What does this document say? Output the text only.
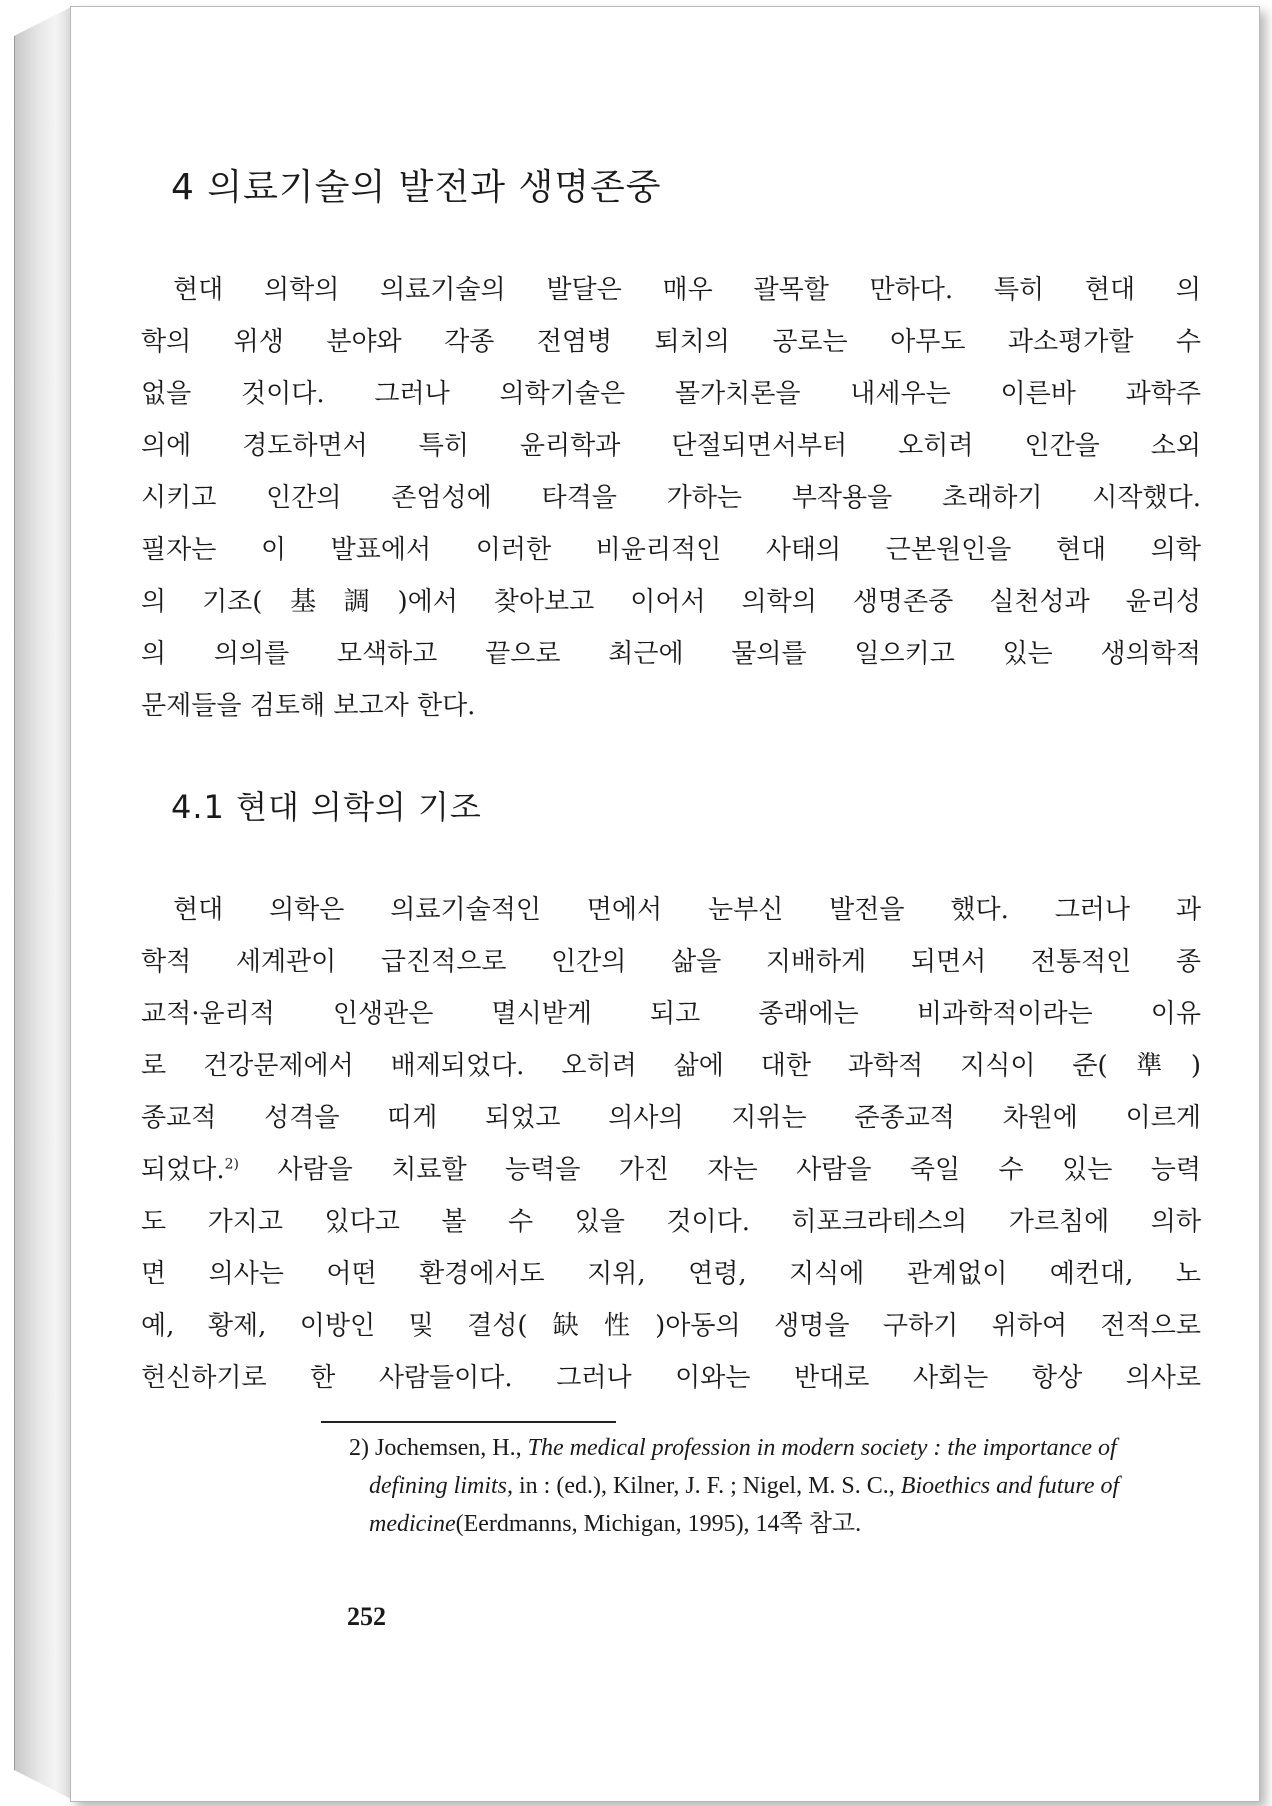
4 의료기술의 발전과 생명존중
현대 의학의 의료기술의 발달은 매우 괄목할 만하다. 특히 현대 의
학의 위생 분야와 각종 전염병 퇴치의 공로는 아무도 과소평가할 수
없을 것이다. 그러나 의학기술은 몰가치론을 내세우는 이른바 과학주
의에 경도하면서 특히 윤리학과 단절되면서부터 오히려 인간을 소외
시키고 인간의 존엄성에 타격을 가하는 부작용을 초래하기 시작했다.
필자는 이 발표에서 이러한 비윤리적인 사태의 근본원인을 현대 의학
의 기조(基調)에서 찾아보고 이어서 의학의 생명존중 실천성과 윤리성
의 의의를 모색하고 끝으로 최근에 물의를 일으키고 있는 생의학적
문제들을 검토해 보고자 한다.
4.1 현대 의학의 기조
현대 의학은 의료기술적인 면에서 눈부신 발전을 했다. 그러나 과
학적 세계관이 급진적으로 인간의 삶을 지배하게 되면서 전통적인 종
교적·윤리적 인생관은 멸시받게 되고 종래에는 비과학적이라는 이유
로 건강문제에서 배제되었다. 오히려 삶에 대한 과학적 지식이 준(準)
종교적 성격을 띠게 되었고 의사의 지위는 준종교적 차원에 이르게
되었다.$^{2)}$ 사람을 치료할 능력을 가진 자는 사람을 죽일 수 있는 능력
도 가지고 있다고 볼 수 있을 것이다. 히포크라테스의 가르침에 의하
면 의사는 어떤 환경에서도 지위, 연령, 지식에 관계없이 예컨대, 노
예, 황제, 이방인 및 결성(缺性)아동의 생명을 구하기 위하여 전적으로
헌신하기로 한 사람들이다. 그러나 이와는 반대로 사회는 항상 의사로
2) Jochemsen, H., The medical profession in modern society : the importance of
defining limits, in : (ed.), Kilner, J. F. ; Nigel, M. S. C., Bioethics and future of
medicine(Eerdmanns, Michigan, 1995), 14쪽 참고.
252
